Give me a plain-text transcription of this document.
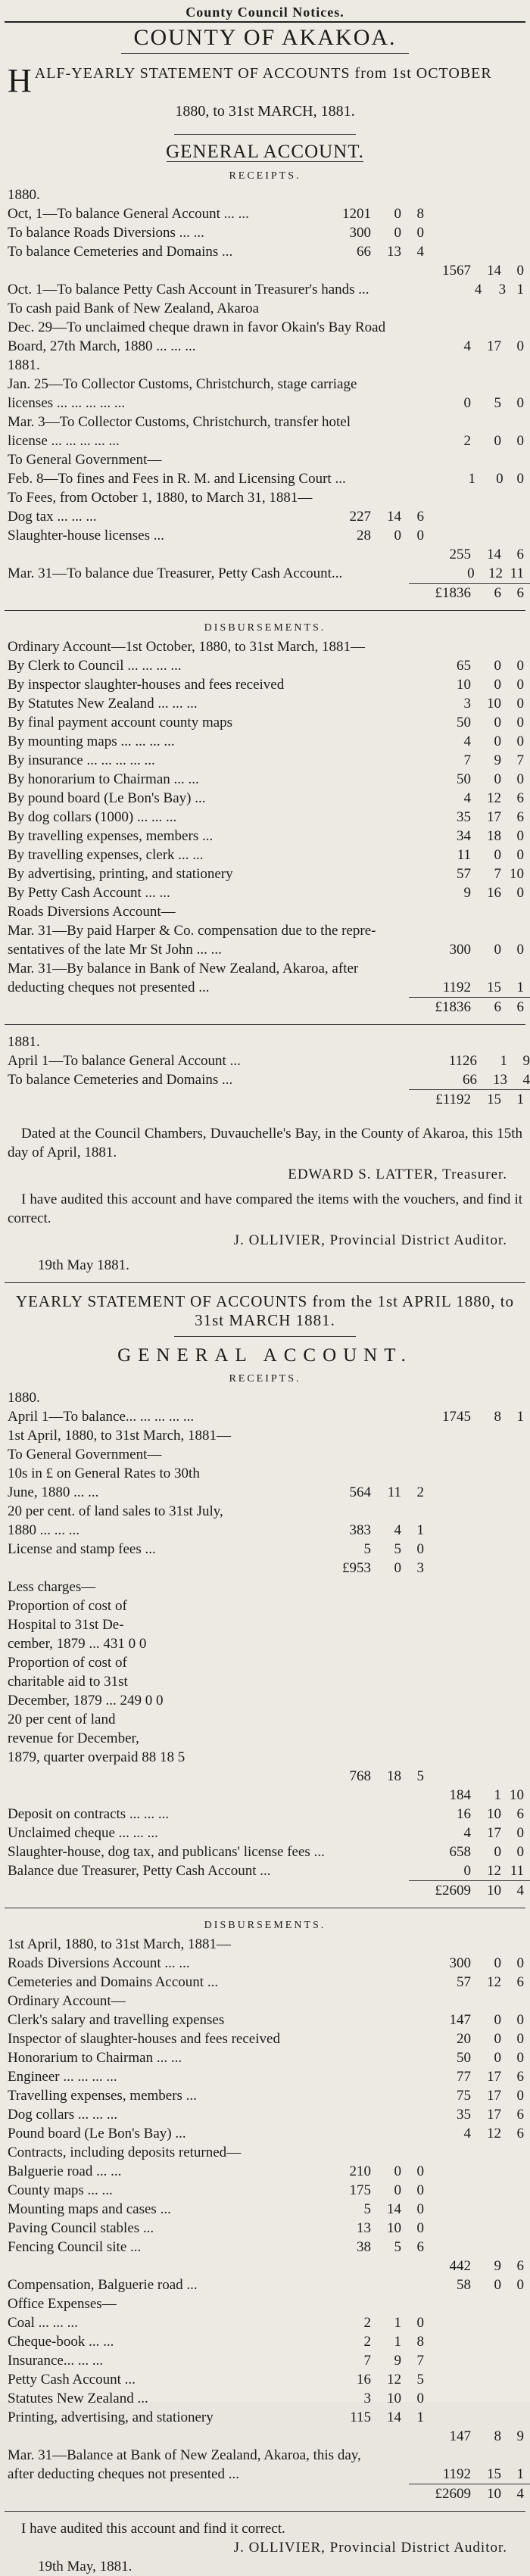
County Council Notices.
COUNTY OF AKAKOA.
H ALF-YEARLY STATEMENT OF ACCOUNTS from 1st OCTOBER
1880, to 31st MARCH, 1881.
GENERAL ACCOUNT.
RECEIPTS.
1880.
Oct, 1—To balance General Account ... ...	1201	0	8
To balance Roads Diversions ... ...	300	0	0
To balance Cemeteries and Domains ...	66	13	4
1567	14	0
Oct. 1—To balance Petty Cash Account in Treasurer's hands ...	4	3 1
To cash paid Bank of New Zealand, Akaroa
Dec. 29—To unclaimed cheque drawn in favor Okain's Bay Road
Board, 27th March, 1880 ... ... ...	4	17	0
1881.
Jan. 25—To Collector Customs, Christchurch, stage carriage
licenses ... ... ... ... ...	0	5	0
Mar. 3—To Collector Customs, Christchurch, transfer hotel
license ... ... ... ... ...	2	0	0
To General Government—
Feb. 8—To fines and Fees in R. M. and Licensing Court ...	1	0 0
To Fees, from October 1, 1880, to March 31, 1881—
Dog tax ... ... ...	227	14	6
Slaughter-house licenses ...	28	0	0
255	14	6
Mar. 31—To balance due Treasurer, Petty Cash Account...	0 12 11
£1836	6	6
DISBURSEMENTS.
Ordinary Account—1st October, 1880, to 31st March, 1881—
By Clerk to Council ... ... ... ...	65	0	0
By inspector slaughter-houses and fees received	10	0	0
By Statutes New Zealand ... ... ...	3	10	0
By final payment account county maps	50	0	0
By mounting maps ... ... ... ...	4	0	0
By insurance ... ... ... ... ...	7	9	7
By honorarium to Chairman ... ...	50	0	0
By pound board (Le Bon's Bay) ...	4	12	6
By dog collars (1000) ... ... ...	35	17	6
By travelling expenses, members ...	34	18	0
By travelling expenses, clerk ... ...	11	0	0
By advertising, printing, and stationery	57	7 10
By Petty Cash Account ... ...	9	16	0
Roads Diversions Account—
Mar. 31—By paid Harper & Co. compensation due to the repre-
sentatives of the late Mr St John ... ...	300	0	0
Mar. 31—By balance in Bank of New Zealand, Akaroa, after
deducting cheques not presented ...	1192	15	1
£1836	6	6
1881.
April 1—To balance General Account ...	1126	1	9
To balance Cemeteries and Domains ...	66	13	4
£1192	15	1
Dated at the Council Chambers, Duvauchelle's Bay, in the County of Akaroa, this 15th day of April, 1881.
EDWARD S. LATTER, Treasurer.
I have audited this account and have compared the items with the vouchers, and find it correct.
J. OLLIVIER, Provincial District Auditor.
19th May 1881.
YEARLY STATEMENT OF ACCOUNTS from the 1st APRIL 1880, to
31st MARCH 1881.
GENERAL ACCOUNT.
RECEIPTS.
1880.
April 1—To balance... ... ... ... ...	1745	8	1
1st April, 1880, to 31st March, 1881—
To General Government—
10s in £ on General Rates to 30th
June, 1880 ... ...	564	11	2
20 per cent. of land sales to 31st July,
1880 ... ... ...	383	4	1
License and stamp fees ...	5	5	0
£953	0	3
Less charges—
Proportion of cost of
Hospital to 31st De-
cember, 1879 ... 431 0 0
Proportion of cost of
charitable aid to 31st
December, 1879 ... 249 0 0
20 per cent of land
revenue for December,
1879, quarter overpaid 88 18 5
768	18	5
184	1 10
Deposit on contracts ... ... ...	16	10	6
Unclaimed cheque ... ... ...	4	17	0
Slaughter-house, dog tax, and publicans' license fees ...	658	0	0
Balance due Treasurer, Petty Cash Account ...	0	12 11
£2609	10	4
DISBURSEMENTS.
1st April, 1880, to 31st March, 1881—
Roads Diversions Account ... ...	300	0	0
Cemeteries and Domains Account ...	57	12	6
Ordinary Account—
Clerk's salary and travelling expenses	147	0	0
Inspector of slaughter-houses and fees received	20	0	0
Honorarium to Chairman ... ...	50	0	0
Engineer ... ... ... ...	77	17	6
Travelling expenses, members ...	75	17	0
Dog collars ... ... ...	35	17	6
Pound board (Le Bon's Bay) ...	4	12	6
Contracts, including deposits returned—
Balguerie road ... ...	210	0	0
County maps ... ...	175	0	0
Mounting maps and cases ...	5	14	0
Paving Council stables ...	13	10	0
Fencing Council site ...	38	5	6
442	9	6
Compensation, Balguerie road ...	58	0	0
Office Expenses—
Coal ... ... ...	2	1	0
Cheque-book ... ...	2	1	8
Insurance... ... ...	7	9	7
Petty Cash Account ...	16	12	5
Statutes New Zealand ...	3	10	0
Printing, advertising, and stationery	115	14	1
147	8	9
Mar. 31—Balance at Bank of New Zealand, Akaroa, this day,
after deducting cheques not presented ...	1192	15	1
£2609	10	4
I have audited this account and find it correct.
J. OLLIVIER, Provincial District Auditor.
19th May, 1881.
